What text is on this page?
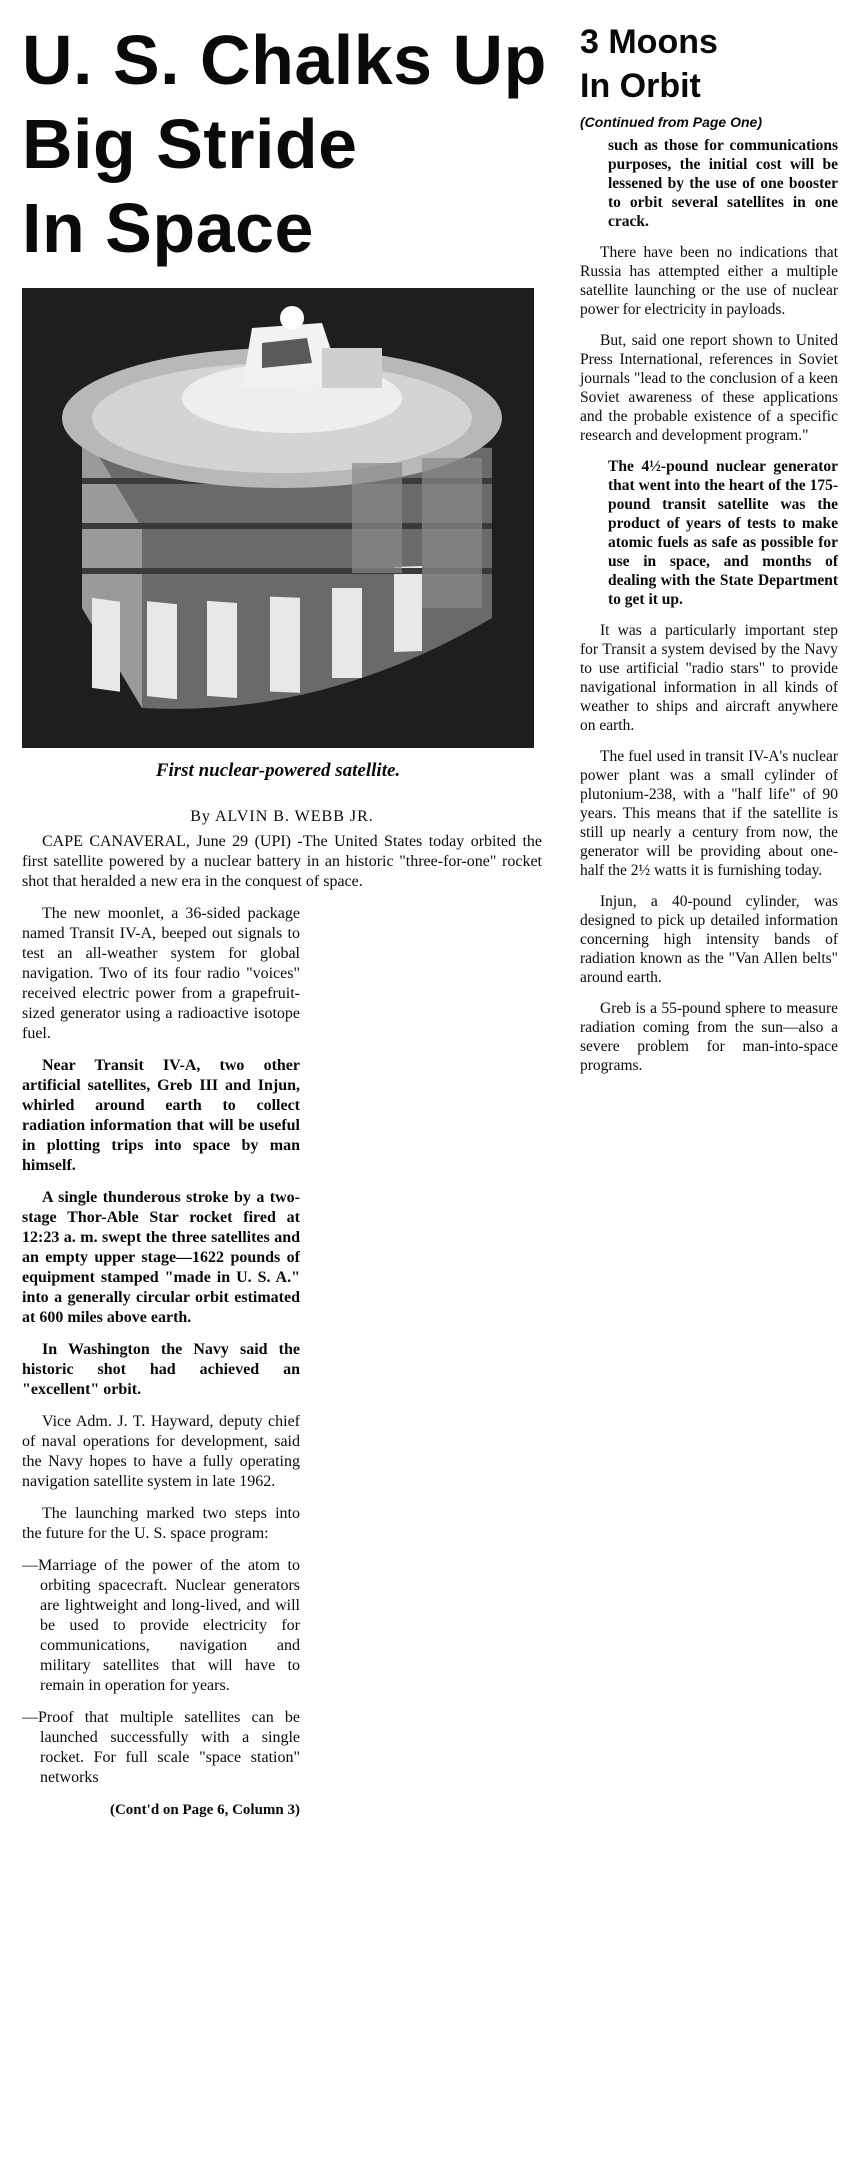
U. S. Chalks Up
Big Stride
In Space
First nuclear-powered satellite.
By ALVIN B. WEBB JR.

CAPE CANAVERAL, June 29 (UPI) -The United States today orbited the first satellite powered by a nuclear battery in an historic "three-for-one" rocket shot that heralded a new era in the conquest of space.

The new moonlet, a 36-sided package named Transit IV-A, beeped out signals to test an all-weather system for global navigation. Two of its four radio "voices" received electric power from a grapefruit-sized generator using a radioactive isotope fuel.

Near Transit IV-A, two other artificial satellites, Greb III and Injun, whirled around earth to collect radiation information that will be useful in plotting trips into space by man himself.

A single thunderous stroke by a two-stage Thor-Able Star rocket fired at 12:23 a. m. swept the three satellites and an empty upper stage—1622 pounds of equipment stamped "made in U. S. A." into a generally circular orbit estimated at 600 miles above earth.

In Washington the Navy said the historic shot had achieved an "excellent" orbit.

Vice Adm. J. T. Hayward, deputy chief of naval operations for development, said the Navy hopes to have a fully operating navigation satellite system in late 1962.

The launching marked two steps into the future for the U. S. space program:

—Marriage of the power of the atom to orbiting spacecraft. Nuclear generators are lightweight and long-lived, and will be used to provide electricity for communications, navigation and military satellites that will have to remain in operation for years.

—Proof that multiple satellites can be launched successfully with a single rocket. For full scale "space station" networks

(Cont'd on Page 6, Column 3)

3 Moons
In Orbit
(Continued from Page One)

such as those for communications purposes, the initial cost will be lessened by the use of one booster to orbit several satellites in one crack.

There have been no indications that Russia has attempted either a multiple satellite launching or the use of nuclear power for electricity in payloads.

But, said one report shown to United Press International, references in Soviet journals "lead to the conclusion of a keen Soviet awareness of these applications and the probable existence of a specific research and development program."

The 4½-pound nuclear generator that went into the heart of the 175-pound transit satellite was the product of years of tests to make atomic fuels as safe as possible for use in space, and months of dealing with the State Department to get it up.

It was a particularly important step for Transit a system devised by the Navy to use artificial "radio stars" to provide navigational information in all kinds of weather to ships and aircraft anywhere on earth.

The fuel used in transit IV-A's nuclear power plant was a small cylinder of plutonium-238, with a "half life" of 90 years. This means that if the satellite is still up nearly a century from now, the generator will be providing about one-half the 2½ watts it is furnishing today.

Injun, a 40-pound cylinder, was designed to pick up detailed information concerning high intensity bands of radiation known as the "Van Allen belts" around earth.

Greb is a 55-pound sphere to measure radiation coming from the sun—also a severe problem for man-into-space programs.
